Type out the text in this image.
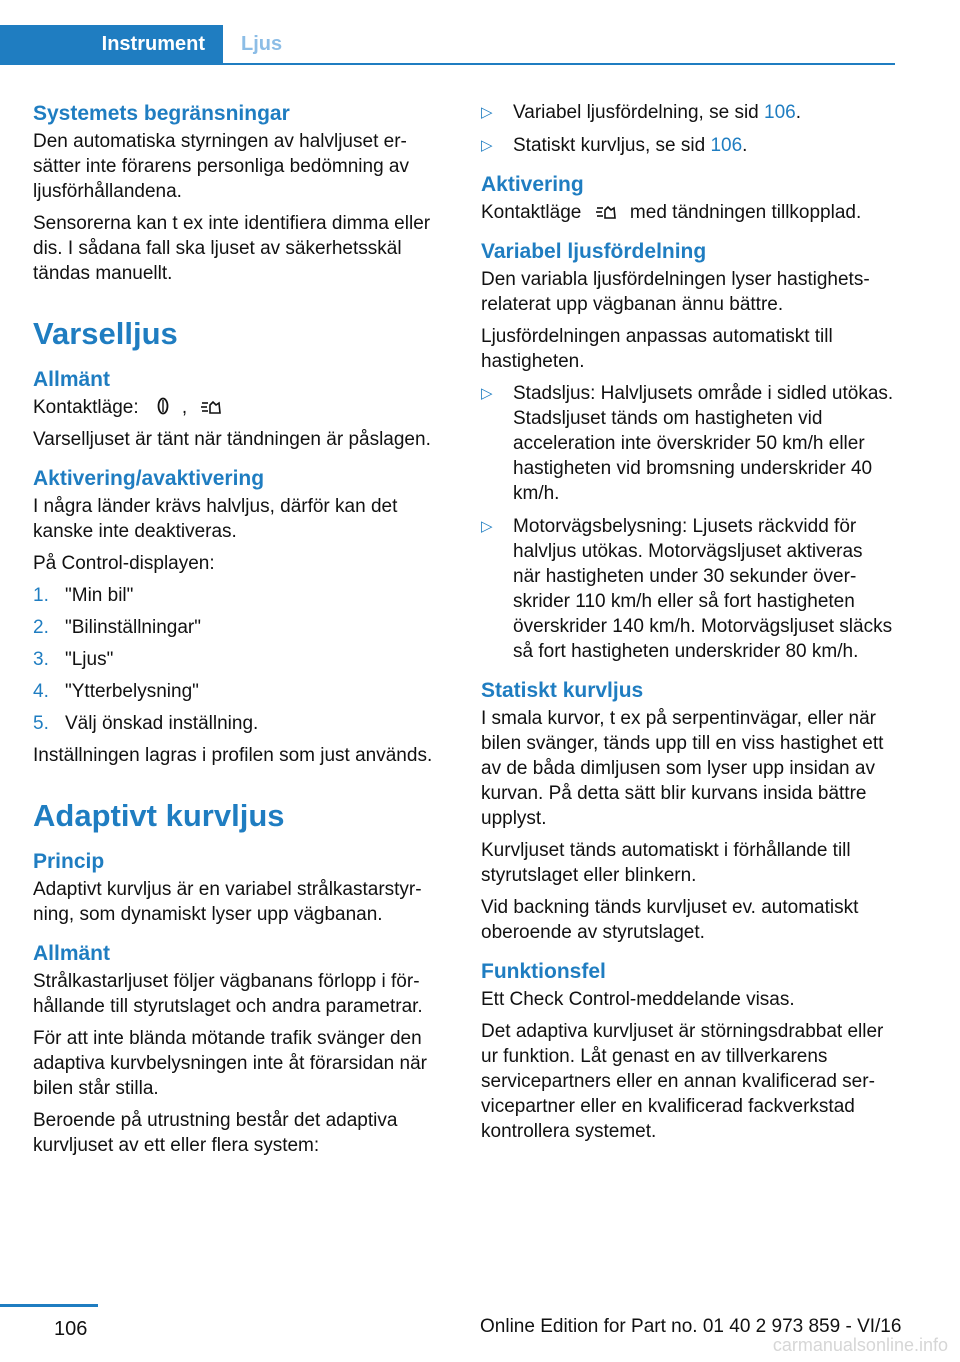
Instrument	Ljus
Systemets begränsningar

Den automatiska styrningen av halvljuset ersätter inte förarens personliga bedömning av ljusförhållandena.

Sensorerna kan t ex inte identifiera dimma eller dis. I sådana fall ska ljuset av säkerhetsskäl tändas manuellt.

Varselljus
Allmänt

Kontaktläge: ,

Varselljuset är tänt när tändningen är påslagen.

Aktivering/avaktivering

I några länder krävs halvljus, därför kan det kanske inte deaktiveras.

På Control-displayen:

1. "Min bil"
2. "Bilinställningar"
3. "Ljus"
4. "Ytterbelysning"
5. Välj önskad inställning.

Inställningen lagras i profilen som just används.

Adaptivt kurvljus
Princip

Adaptivt kurvljus är en variabel strålkastarstyrning, som dynamiskt lyser upp vägbanan.

Allmänt

Strålkastarljuset följer vägbanans förlopp i förhållande till styrutslaget och andra parametrar.

För att inte blända mötande trafik svänger den adaptiva kurvbelysningen inte åt förarsidan när bilen står stilla.

Beroende på utrustning består det adaptiva kurvljuset av ett eller flera system:

▷ Variabel ljusfördelning, se sid 106.
▷ Statiskt kurvljus, se sid 106.
Aktivering

Kontaktläge	med tändningen tillkopplad.

Variabel ljusfördelning

Den variabla ljusfördelningen lyser hastighetsrelaterat upp vägbanan ännu bättre.

Ljusfördelningen anpassas automatiskt till hastigheten.

▷ Stadsljus: Halvljusets område i sidled utökas. Stadsljuset tänds om hastigheten vid acceleration inte överskrider 50 km/h eller hastigheten vid bromsning underskrider 40 km/h.
▷ Motorvägsbelysning: Ljusets räckvidd för halvljus utökas. Motorvägsljuset aktiveras när hastigheten under 30 sekunder överskrider 110 km/h eller så fort hastigheten överskrider 140 km/h. Motorvägsljuset släcks så fort hastigheten underskrider 80 km/h.
Statiskt kurvljus

I smala kurvor, t ex på serpentinvägar, eller när bilen svänger, tänds upp till en viss hastighet ett av de båda dimljusen som lyser upp insidan av kurvan. På detta sätt blir kurvans insida bättre upplyst.

Kurvljuset tänds automatiskt i förhållande till styrutslaget eller blinkern.

Vid backning tänds kurvljuset ev. automatiskt oberoende av styrutslaget.

Funktionsfel

Ett Check Control-meddelande visas.

Det adaptiva kurvljuset är störningsdrabbat eller ur funktion. Låt genast en av tillverkarens servicepartners eller en annan kvalificerad servicepartner eller en kvalificerad fackverkstad kontrollera systemet.

106	Online Edition for Part no. 01 40 2 973 859 - VI/16
carmanualsonline.info
